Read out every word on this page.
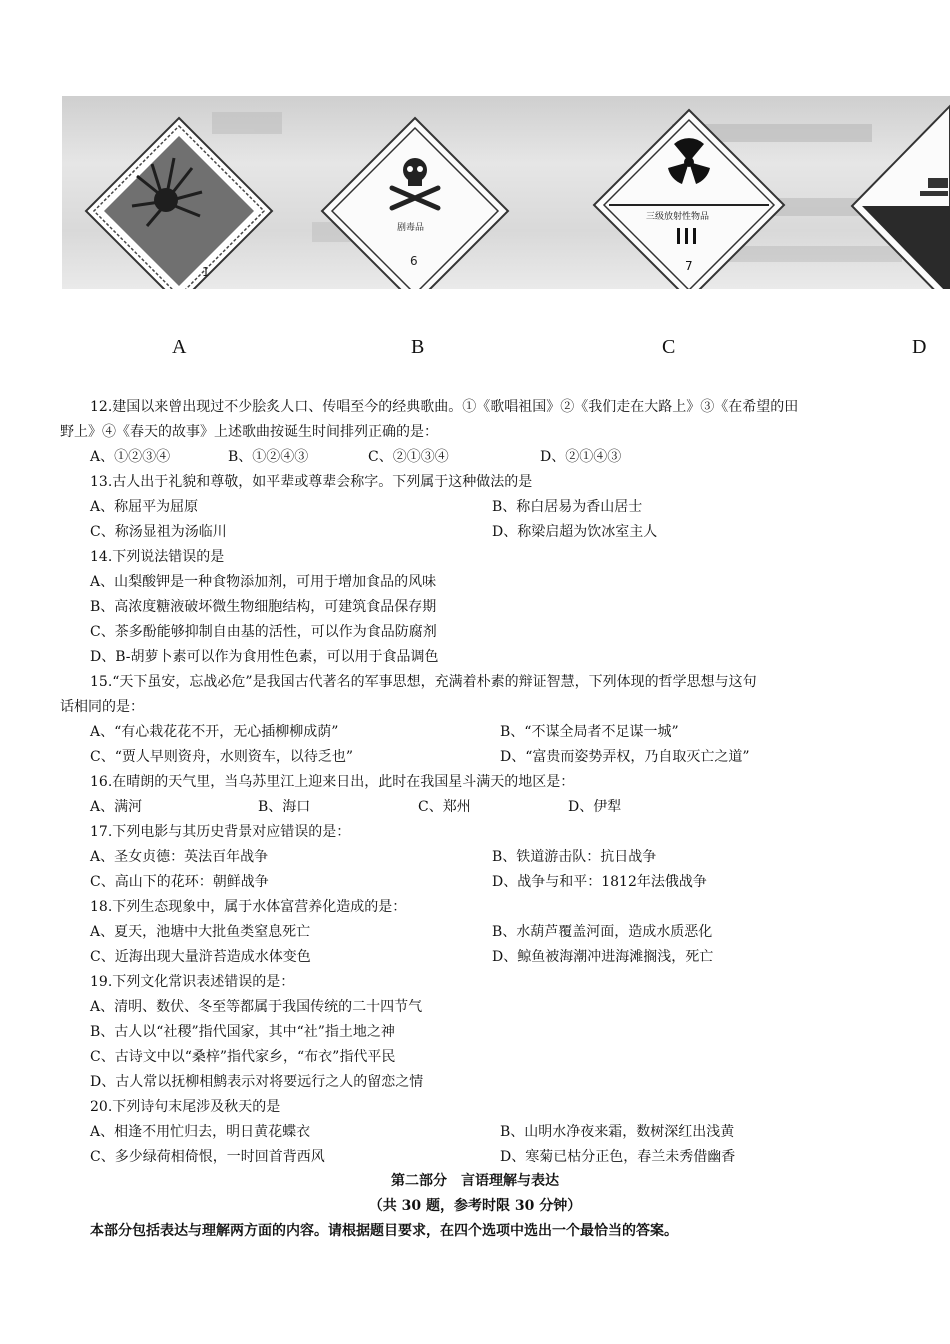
1
剧毒品
6
三级放射性物品
7
A	B	C	D
12.建国以来曾出现过不少脍炙人口、传唱至今的经典歌曲。①《歌唱祖国》②《我们走在大路上》③《在希望的田
野上》④《春天的故事》上述歌曲按诞生时间排列正确的是：
A、①②③④	B、①②④③	C、②①③④	D、②①④③
13.古人出于礼貌和尊敬，如平辈或尊辈会称字。下列属于这种做法的是
A、称屈平为屈原	B、称白居易为香山居士
C、称汤显祖为汤临川	D、称梁启超为饮冰室主人
14.下列说法错误的是
A、山梨酸钾是一种食物添加剂，可用于增加食品的风味
B、高浓度糖液破坏微生物细胞结构，可建筑食品保存期
C、茶多酚能够抑制自由基的活性，可以作为食品防腐剂
D、B-胡萝卜素可以作为食用性色素，可以用于食品调色
15.“天下虽安，忘战必危”是我国古代著名的军事思想，充满着朴素的辩证智慧，下列体现的哲学思想与这句
话相同的是：
A、“有心栽花花不开，无心插柳柳成荫”	B、“不谋全局者不足谋一城”
C、“贾人早则资舟，水则资车，以待乏也”	D、“富贵而姿势弄权，乃自取灭亡之道”
16.在晴朗的天气里，当乌苏里江上迎来日出，此时在我国星斗满天的地区是：
A、满河	B、海口	C、郑州	D、伊犁
17.下列电影与其历史背景对应错误的是：
A、圣女贞德：英法百年战争	B、铁道游击队：抗日战争
C、高山下的花环：朝鲜战争	D、战争与和平：1812年法俄战争
18.下列生态现象中，属于水体富营养化造成的是：
A、夏天，池塘中大批鱼类窒息死亡	B、水葫芦覆盖河面，造成水质恶化
C、近海出现大量浒苔造成水体变色	D、鲸鱼被海潮冲进海滩搁浅，死亡
19.下列文化常识表述错误的是：
A、清明、数伏、冬至等都属于我国传统的二十四节气
B、古人以“社稷”指代国家，其中“社”指土地之神
C、古诗文中以“桑梓”指代家乡，“布衣”指代平民
D、古人常以抚柳相鹪表示对将要远行之人的留恋之情
20.下列诗句末尾涉及秋天的是
A、相逢不用忙归去，明日黄花蝶衣	B、山明水净夜来霜，数树深红出浅黄
C、多少绿荷相倚恨，一时回首背西风	D、寒菊已枯分正色，春兰未秀借幽香
第二部分　言语理解与表达
（共 30 题，参考时限 30 分钟）
本部分包括表达与理解两方面的内容。请根据题目要求，在四个选项中选出一个最恰当的答案。
